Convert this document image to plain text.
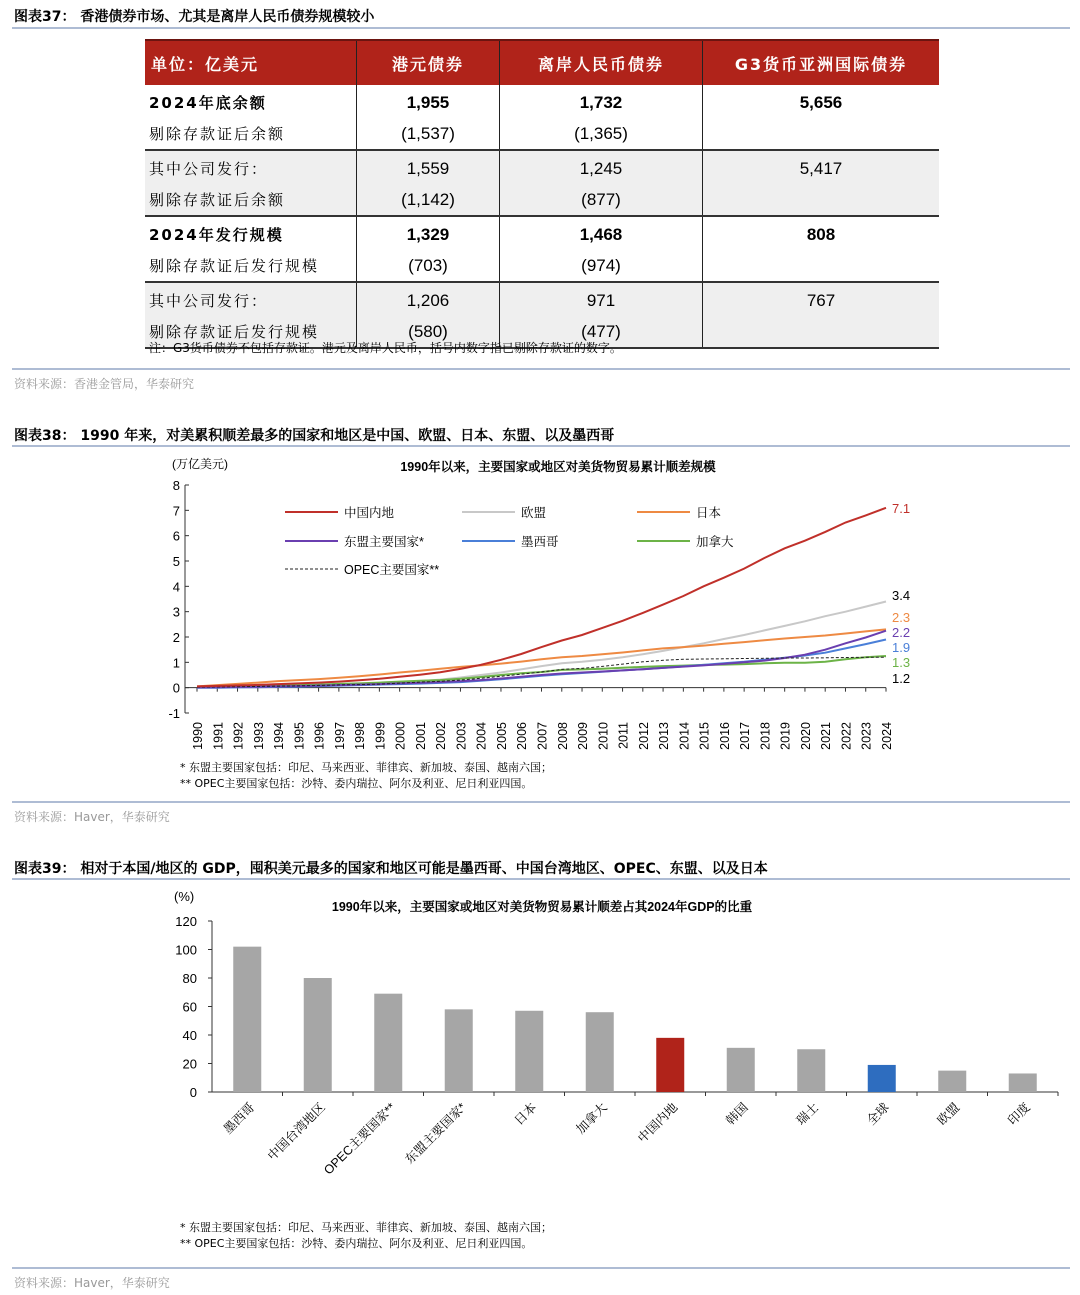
图表37： 香港债券市场、尤其是离岸人民币债券规模较小
单位：亿美元	港元债券	离岸人民币债券	G3货币亚洲国际债券
2024年底余额	1,955	1,732	5,656
剔除存款证后余额	(1,537)	(1,365)	
其中公司发行：	1,559	1,245	5,417
剔除存款证后余额	(1,142)	(877)	
2024年发行规模	1,329	1,468	808
剔除存款证后发行规模	(703)	(974)	
其中公司发行：	1,206	971	767
剔除存款证后发行规模	(580)	(477)	
注：G3货币债券不包括存款证。港元及离岸人民币，括号内数字指已剔除存款证的数字。
资料来源：香港金管局，华泰研究
图表38： 1990 年来，对美累积顺差最多的国家和地区是中国、欧盟、日本、东盟、以及墨西哥
(万亿美元)	1990年以来，主要国家或地区对美货物贸易累计顺差规模
-1
0
1
2
3
4
5
6
7
8
1990 1991 1992 1993 1994 1995 1996 1997 1998 1999 2000 2001 2002 2003 2004 2005 2006 2007 2008 2009 2010 2011 2012 2013 2014 2015 2016 2017 2018 2019 2020 2021 2022 2023 2024
7.1
3.4
2.3
2.2
1.9
1.3
1.2
中国内地	欧盟	日本
东盟主要国家*	墨西哥	加拿大
OPEC主要国家**
(%)
1990年以来，主要国家或地区对美货物贸易累计顺差占其2024年GDP的比重
0
20
40
60
80
100
120
墨西哥 中国台湾地区
OPEC主要国家** 东盟主要国家*	日本	加拿大 中国内地	韩国	瑞士	全球	欧盟	印度
* 东盟主要国家包括：印尼、马来西亚、菲律宾、新加坡、泰国、越南六国；
** OPEC主要国家包括：沙特、委内瑞拉、阿尔及利亚、尼日利亚四国。
资料来源：Haver，华泰研究
图表39： 相对于本国/地区的 GDP，囤积美元最多的国家和地区可能是墨西哥、中国台湾地区、OPEC、东盟、以及日本
* 东盟主要国家包括：印尼、马来西亚、菲律宾、新加坡、泰国、越南六国；
** OPEC主要国家包括：沙特、委内瑞拉、阿尔及利亚、尼日利亚四国。
资料来源：Haver，华泰研究
